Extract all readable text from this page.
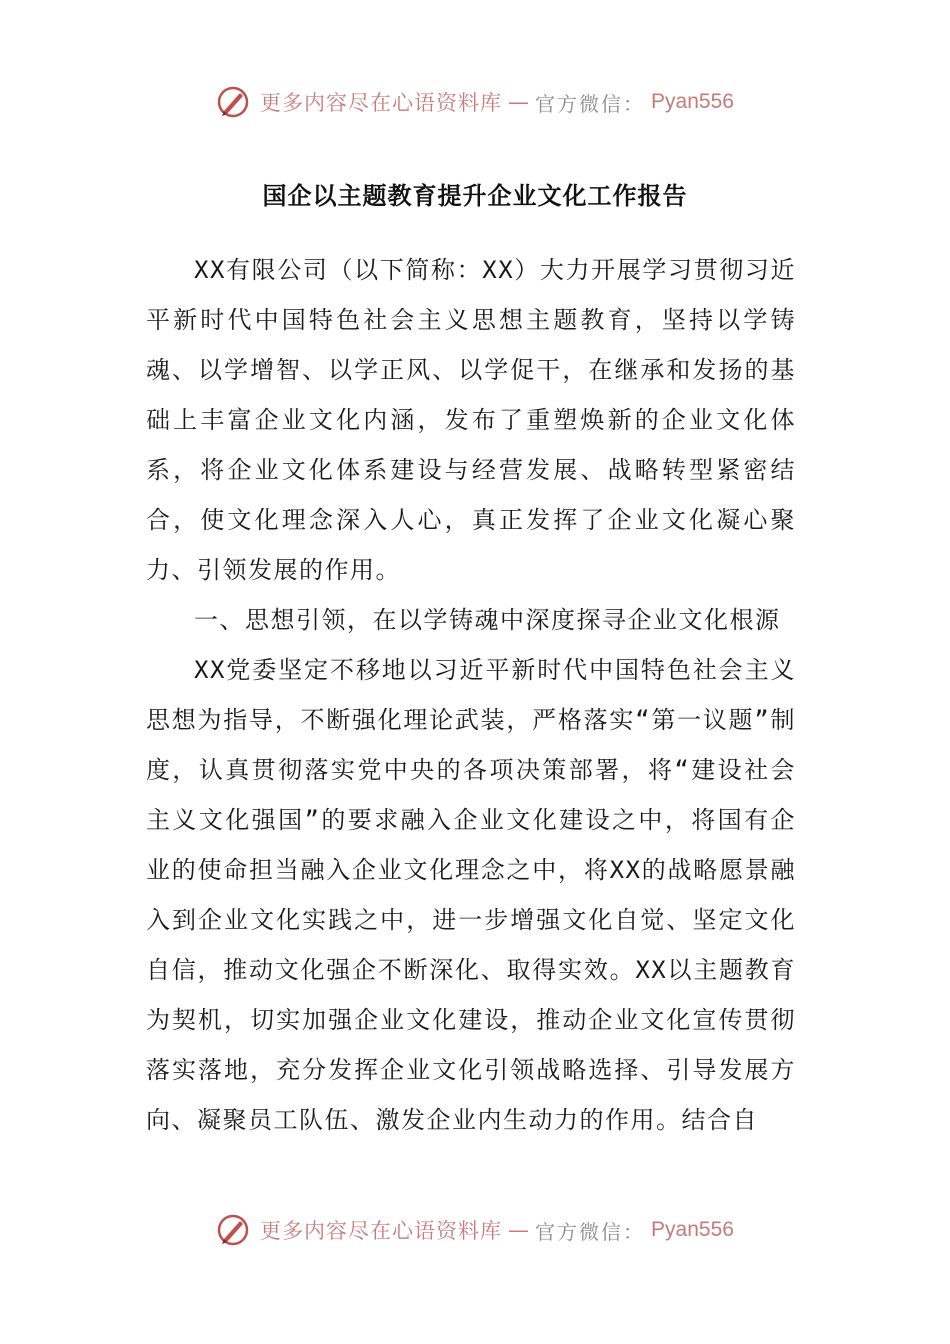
更多内容尽在心语资料库 — 官方微信： Pyan556
国企以主题教育提升企业文化工作报告

XX有限公司（以下简称：XX）大力开展学习贯彻习近平新时代中国特色社会主义思想主题教育，坚持以学铸魂、以学增智、以学正风、以学促干，在继承和发扬的基础上丰富企业文化内涵，发布了重塑焕新的企业文化体系，将企业文化体系建设与经营发展、战略转型紧密结合，使文化理念深入人心，真正发挥了企业文化凝心聚力、引领发展的作用。

一、思想引领，在以学铸魂中深度探寻企业文化根源

XX党委坚定不移地以习近平新时代中国特色社会主义思想为指导，不断强化理论武装，严格落实“第一议题”制度，认真贯彻落实党中央的各项决策部署，将“建设社会主义文化强国”的要求融入企业文化建设之中，将国有企业的使命担当融入企业文化理念之中，将XX的战略愿景融入到企业文化实践之中，进一步增强文化自觉、坚定文化自信，推动文化强企不断深化、取得实效。XX以主题教育为契机，切实加强企业文化建设，推动企业文化宣传贯彻落实落地，充分发挥企业文化引领战略选择、引导发展方向、凝聚员工队伍、激发企业内生动力的作用。结合自

更多内容尽在心语资料库 — 官方微信： Pyan556
